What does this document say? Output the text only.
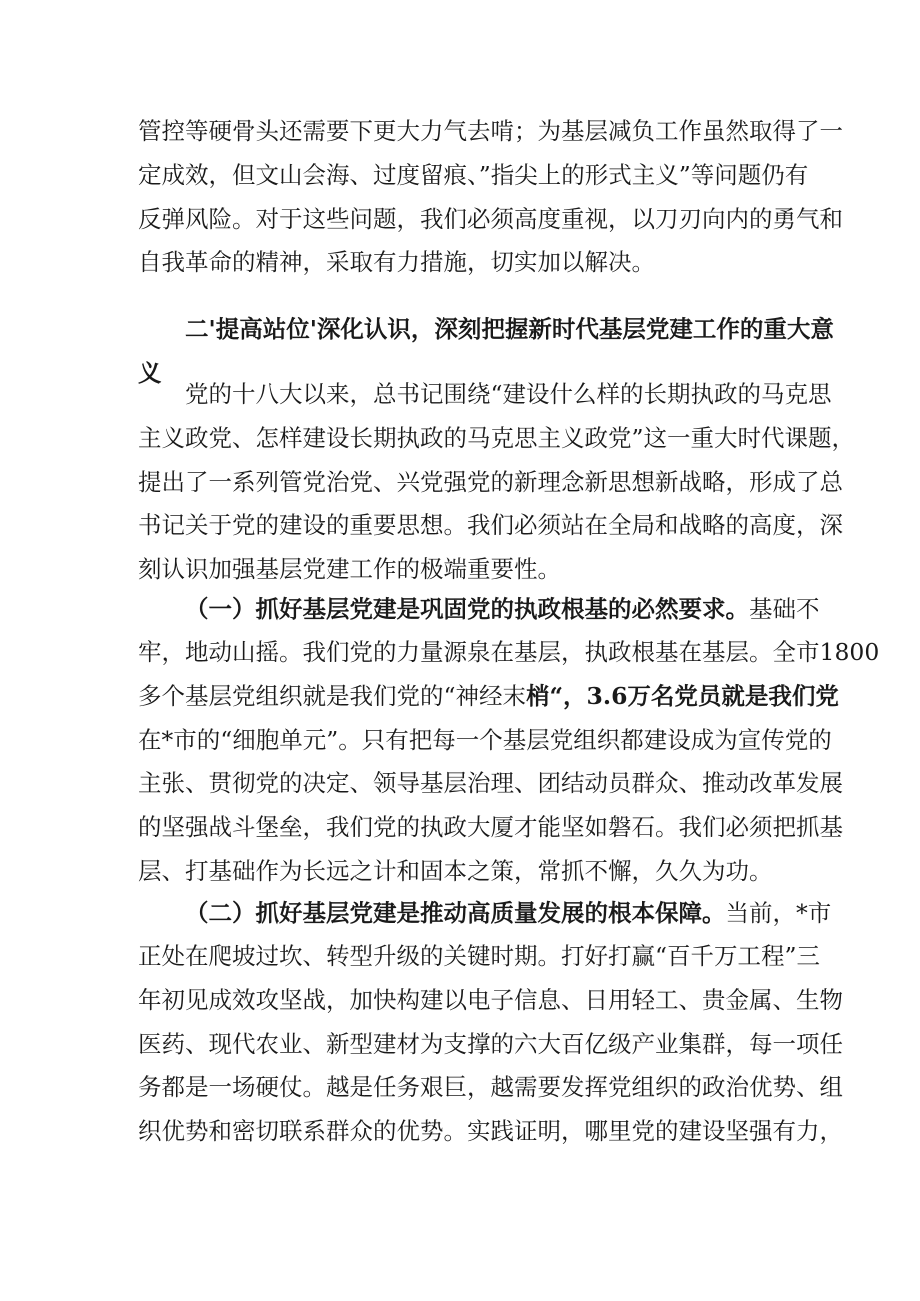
管控等硬骨头还需要下更大力气去啃；为基层减负工作虽然取得了一
定成效，但文山会海、过度留痕、”指尖上的形式主义”等问题仍有
反弹风险。对于这些问题，我们必须高度重视，以刀刃向内的勇气和
自我革命的精神，采取有力措施，切实加以解决。
二'提高站位'深化认识，深刻把握新时代基层党建工作的重大意
义
党的十八大以来，总书记围绕“建设什么样的长期执政的马克思
主义政党、怎样建设长期执政的马克思主义政党”这一重大时代课题，
提出了一系列管党治党、兴党强党的新理念新思想新战略，形成了总
书记关于党的建设的重要思想。我们必须站在全局和战略的高度，深
刻认识加强基层党建工作的极端重要性。
（一）抓好基层党建是巩固党的执政根基的必然要求。基础不
牢，地动山摇。我们党的力量源泉在基层，执政根基在基层。全市1800
多个基层党组织就是我们党的“神经末梢“，3.6万名党员就是我们党
在*市的“细胞单元”。只有把每一个基层党组织都建设成为宣传党的
主张、贯彻党的决定、领导基层治理、团结动员群众、推动改革发展
的坚强战斗堡垒，我们党的执政大厦才能坚如磐石。我们必须把抓基
层、打基础作为长远之计和固本之策，常抓不懈，久久为功。
（二）抓好基层党建是推动高质量发展的根本保障。当前，*市
正处在爬坡过坎、转型升级的关键时期。打好打赢“百千万工程”三
年初见成效攻坚战，加快构建以电子信息、日用轻工、贵金属、生物
医药、现代农业、新型建材为支撑的六大百亿级产业集群，每一项任
务都是一场硬仗。越是任务艰巨，越需要发挥党组织的政治优势、组
织优势和密切联系群众的优势。实践证明，哪里党的建设坚强有力，
